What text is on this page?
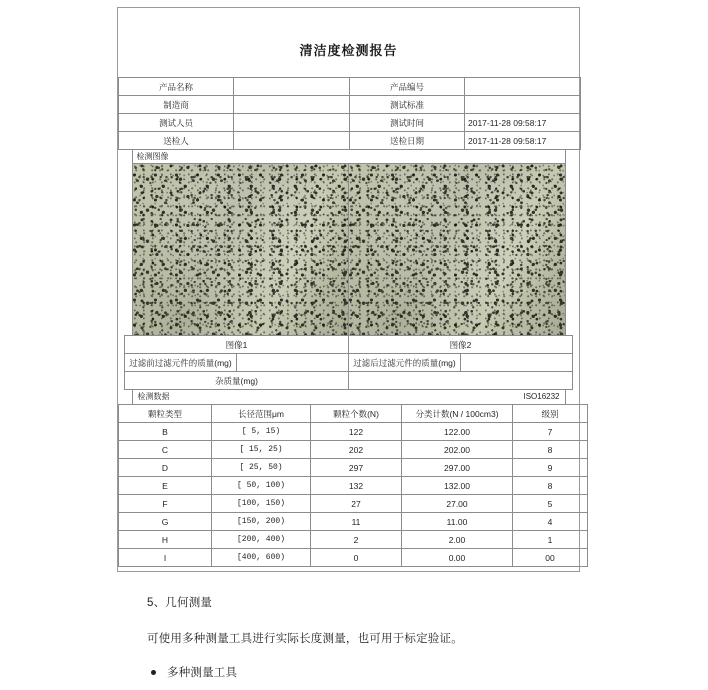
清洁度检测报告
产品名称		产品编号	
制造商		测试标准	
测试人员		测试时间	2017-11-28 09:58:17
送检人		送检日期	2017-11-28 09:58:17
检测图像
图像1		图像2	
过滤前过滤元件的质量(mg)		过滤后过滤元件的质量(mg)	
杂质量(mg)			
检测数据	ISO16232
颗粒类型	长径范围μm	颗粒个数(N)	分类计数(N / 100cm3)	级别
B	[ 5, 15)	122	122.00	7
C	[ 15, 25)	202	202.00	8
D	[ 25, 50)	297	297.00	9
E	[ 50, 100)	132	132.00	8
F	[100, 150)	27	27.00	5
G	[150, 200)	11	11.00	4
H	[200, 400)	2	2.00	1
I	[400, 600)	0	0.00	00
5、几何测量
可使用多种测量工具进行实际长度测量，也可用于标定验证。
多种测量工具
